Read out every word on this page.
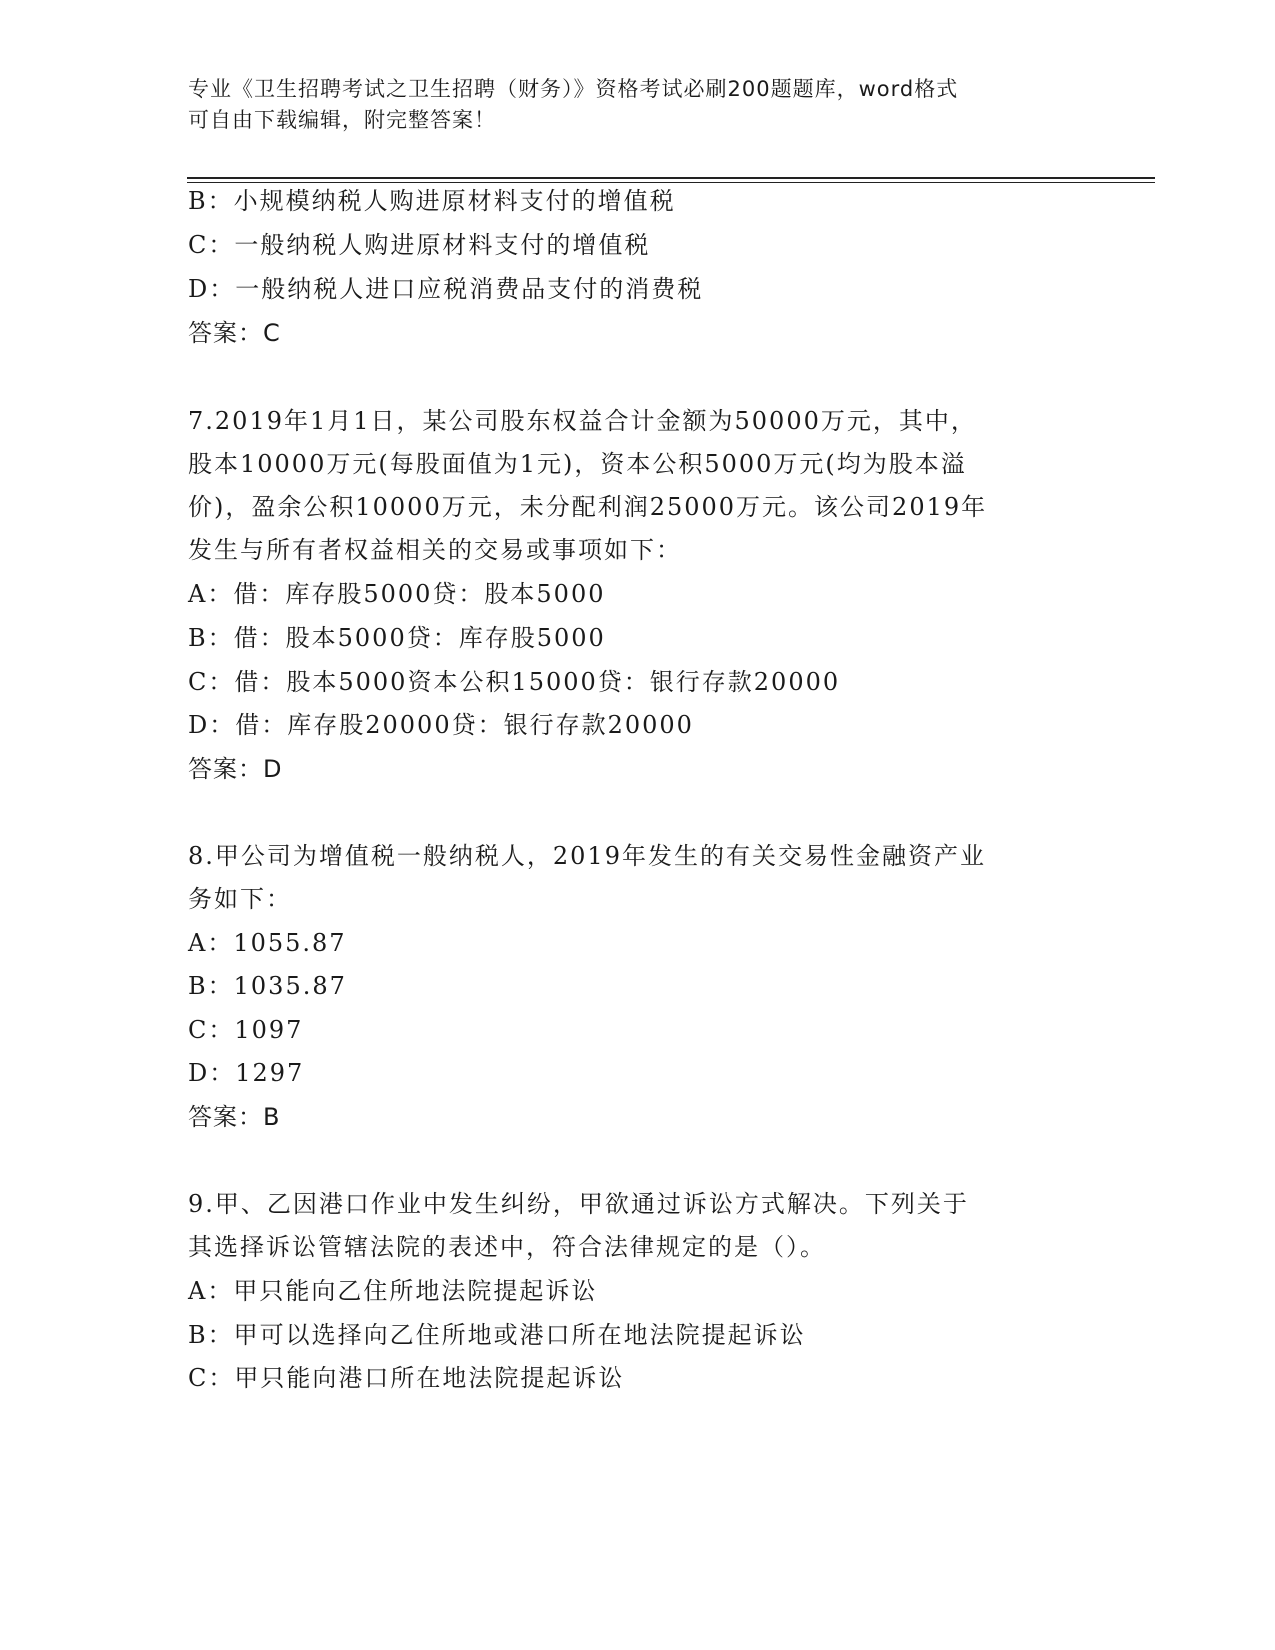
专业《卫生招聘考试之卫生招聘（财务）》资格考试必刷200题题库，word格式
可自由下载编辑，附完整答案！
B：小规模纳税人购进原材料支付的增值税
C：一般纳税人购进原材料支付的增值税
D：一般纳税人进口应税消费品支付的消费税
答案：C
7.2019年1月1日，某公司股东权益合计金额为50000万元，其中，
股本10000万元(每股面值为1元)，资本公积5000万元(均为股本溢
价)，盈余公积10000万元，未分配利润25000万元。该公司2019年
发生与所有者权益相关的交易或事项如下：
A：借：库存股5000贷：股本5000
B：借：股本5000贷：库存股5000
C：借：股本5000资本公积15000贷：银行存款20000
D：借：库存股20000贷：银行存款20000
答案：D
8.甲公司为增值税一般纳税人，2019年发生的有关交易性金融资产业
务如下：
A：1055.87
B：1035.87
C：1097
D：1297
答案：B
9.甲、乙因港口作业中发生纠纷，甲欲通过诉讼方式解决。下列关于
其选择诉讼管辖法院的表述中，符合法律规定的是（）。
A：甲只能向乙住所地法院提起诉讼
B：甲可以选择向乙住所地或港口所在地法院提起诉讼
C：甲只能向港口所在地法院提起诉讼
